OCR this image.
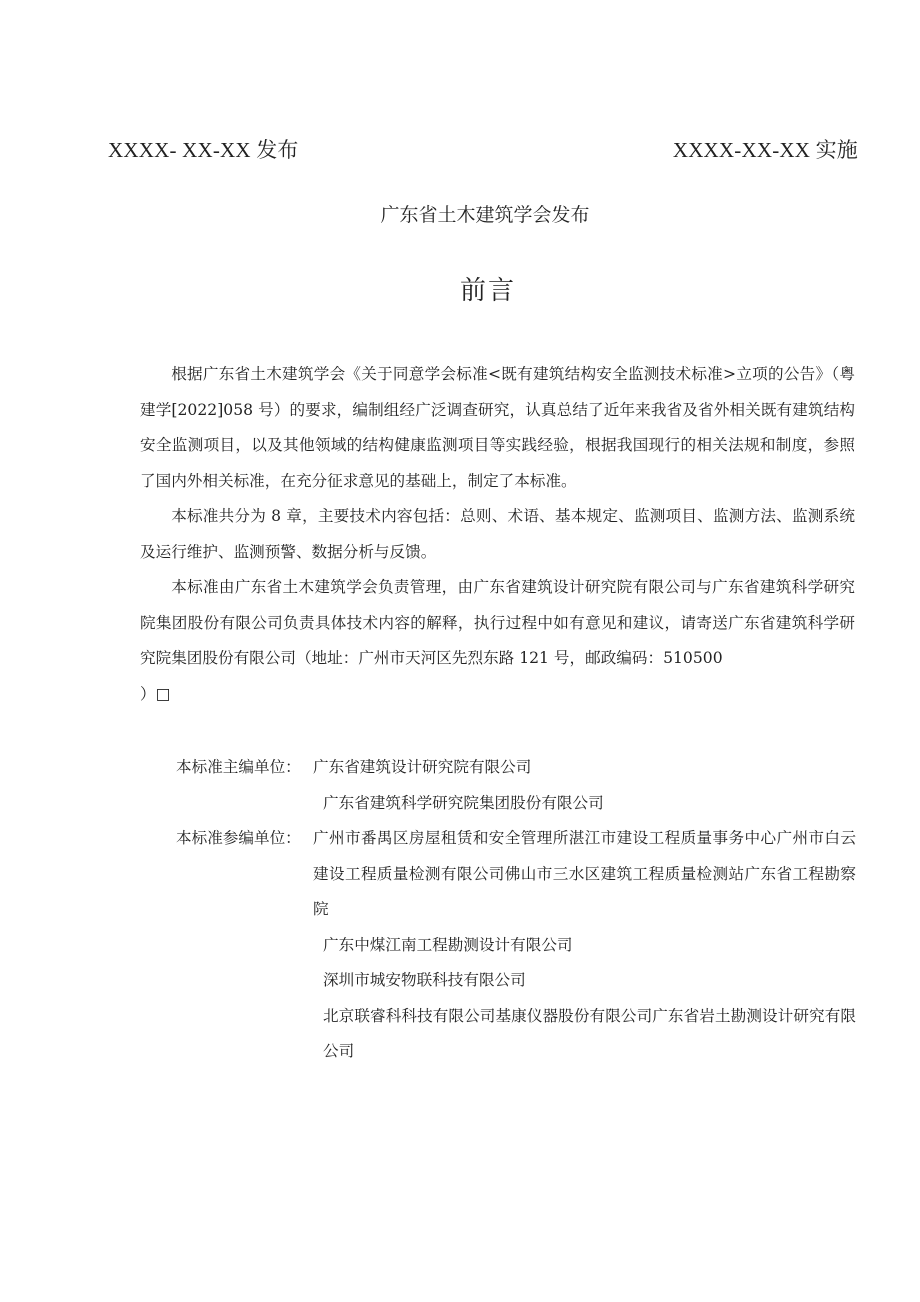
XXXX- XX-XX 发布	XXXX-XX-XX 实施
广东省土木建筑学会发布
前言

根据广东省土木建筑学会《关于同意学会标准<既有建筑结构安全监测技术标准>立项的公告》（粤建学[2022]058 号）的要求，编制组经广泛调查研究，认真总结了近年来我省及省外相关既有建筑结构安全监测项目，以及其他领域的结构健康监测项目等实践经验，根据我国现行的相关法规和制度，参照了国内外相关标准，在充分征求意见的基础上，制定了本标准。

本标准共分为 8 章，主要技术内容包括：总则、术语、基本规定、监测项目、监测方法、监测系统及运行维护、监测预警、数据分析与反馈。

本标准由广东省土木建筑学会负责管理，由广东省建筑设计研究院有限公司与广东省建筑科学研究院集团股份有限公司负责具体技术内容的解释，执行过程中如有意见和建议，请寄送广东省建筑科学研究院集团股份有限公司（地址：广州市天河区先烈东路 121 号，邮政编码：510500

）□

本标准主编单位： 广东省建筑设计研究院有限公司
广东省建筑科学研究院集团股份有限公司
本标准参编单位： 广州市番禺区房屋租赁和安全管理所湛江市建设工程质量事务中心广州市白云建设工程质量检测有限公司佛山市三水区建筑工程质量检测站广东省工程勘察院
广东中煤江南工程勘测设计有限公司
深圳市城安物联科技有限公司
北京联睿科科技有限公司基康仪器股份有限公司广东省岩土勘测设计研究有限公司
